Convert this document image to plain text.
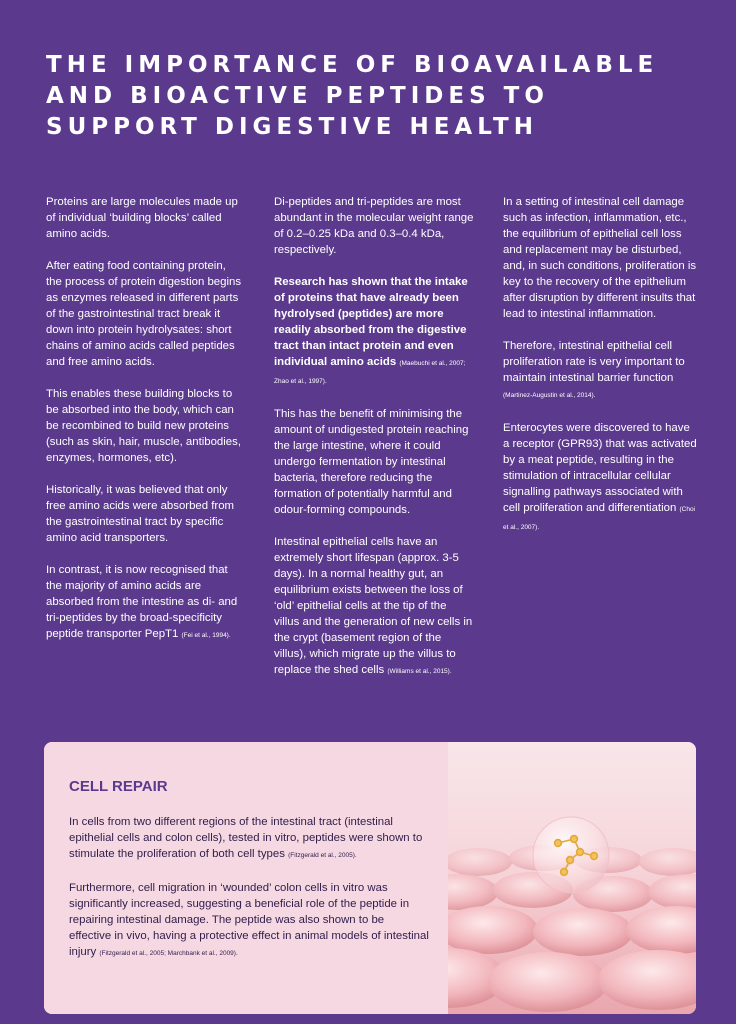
THE IMPORTANCE OF BIOAVAILABLE
AND BIOACTIVE PEPTIDES TO
SUPPORT DIGESTIVE HEALTH

Proteins are large molecules made up of individual ‘building blocks’ called amino acids.

After eating food containing protein, the process of protein digestion begins as enzymes released in different parts of the gastrointestinal tract break it down into protein hydrolysates: short chains of amino acids called peptides and free amino acids.

This enables these building blocks to be absorbed into the body, which can be recombined to build new proteins (such as skin, hair, muscle, antibodies, enzymes, hormones, etc).

Historically, it was believed that only free amino acids were absorbed from the gastrointestinal tract by specific amino acid transporters.

In contrast, it is now recognised that the majority of amino acids are absorbed from the intestine as di- and tri-peptides by the broad-specificity peptide transporter PepT1 (Fei et al., 1994).

Di-peptides and tri-peptides are most abundant in the molecular weight range of 0.2–0.25 kDa and 0.3–0.4 kDa, respectively.

Research has shown that the intake of proteins that have already been hydrolysed (peptides) are more readily absorbed from the digestive tract than intact protein and even individual amino acids (Maebuchi et al., 2007; Zhao et al., 1997).

This has the benefit of minimising the amount of undigested protein reaching the large intestine, where it could undergo fermentation by intestinal bacteria, therefore reducing the formation of potentially harmful and odour-forming compounds.

Intestinal epithelial cells have an extremely short lifespan (approx. 3-5 days). In a normal healthy gut, an equilibrium exists between the loss of ‘old’ epithelial cells at the tip of the villus and the generation of new cells in the crypt (basement region of the villus), which migrate up the villus to replace the shed cells (Williams et al., 2015).

In a setting of intestinal cell damage such as infection, inflammation, etc., the equilibrium of epithelial cell loss and replacement may be disturbed, and, in such conditions, proliferation is key to the recovery of the epithelium after disruption by different insults that lead to intestinal inflammation.

Therefore, intestinal epithelial cell proliferation rate is very important to maintain intestinal barrier function (Martinez-Augustin et al., 2014).

Enterocytes were discovered to have a receptor (GPR93) that was activated by a meat peptide, resulting in the stimulation of intracellular cellular signalling pathways associated with cell proliferation and differentiation (Choi et al., 2007).

CELL REPAIR

In cells from two different regions of the intestinal tract (intestinal epithelial cells and colon cells), tested in vitro, peptides were shown to stimulate the proliferation of both cell types (Fitzgerald et al., 2005).

Furthermore, cell migration in ‘wounded’ colon cells in vitro was significantly increased, suggesting a beneficial role of the peptide in repairing intestinal damage. The peptide was also shown to be effective in vivo, having a protective effect in animal models of intestinal injury (Fitzgerald et al., 2005; Marchbank et al., 2009).
